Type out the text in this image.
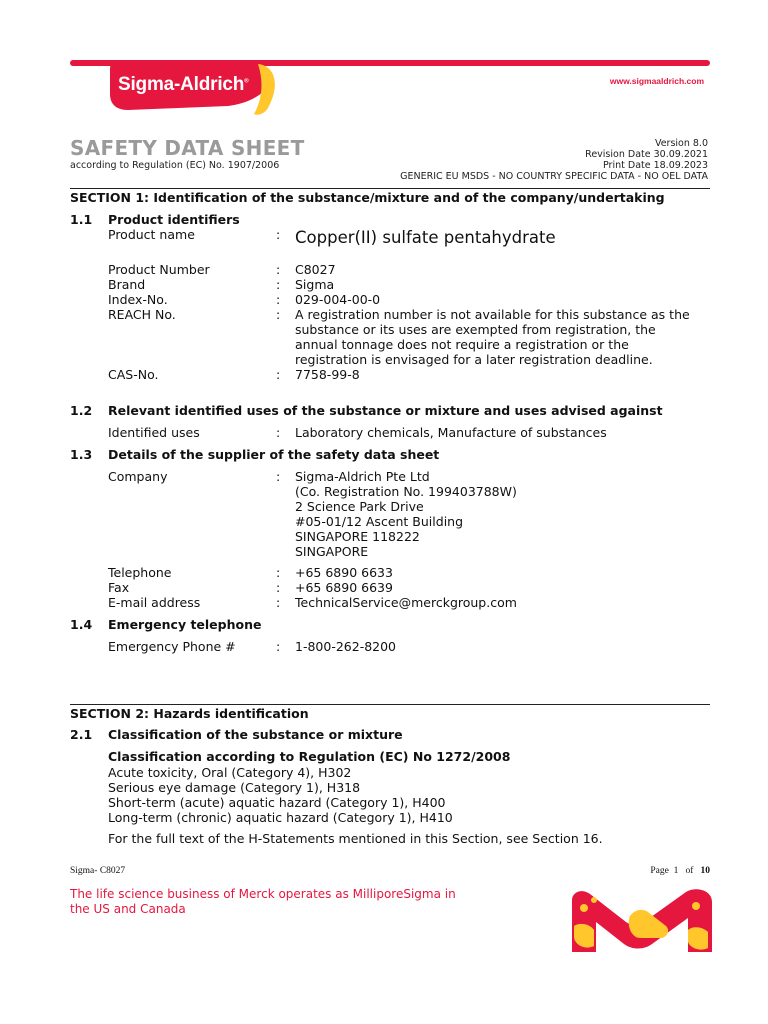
Sigma-Aldrich®	www.sigmaaldrich.com
SAFETY DATA SHEET
according to Regulation (EC) No. 1907/2006
Version 8.0
Revision Date 30.09.2021
Print Date 18.09.2023
GENERIC EU MSDS - NO COUNTRY SPECIFIC DATA - NO OEL DATA
SECTION 1: Identification of the substance/mixture and of the company/undertaking
1.1 Product identifiers
Product name	: Copper(II) sulfate pentahydrate
Product Number	: C8027
Brand	: Sigma
Index-No.	: 029-004-00-0
REACH No.	: A registration number is not available for this substance as the
substance or its uses are exempted from registration, the
annual tonnage does not require a registration or the
registration is envisaged for a later registration deadline.
CAS-No.	: 7758-99-8
1.2 Relevant identified uses of the substance or mixture and uses advised against
Identified uses	: Laboratory chemicals, Manufacture of substances
1.3 Details of the supplier of the safety data sheet
Company	: Sigma-Aldrich Pte Ltd
(Co. Registration No. 199403788W)
2 Science Park Drive
#05-01/12 Ascent Building
SINGAPORE 118222
SINGAPORE
Telephone	: +65 6890 6633
Fax	: +65 6890 6639
E-mail address	: TechnicalService@merckgroup.com
1.4 Emergency telephone
Emergency Phone #	: 1-800-262-8200
SECTION 2: Hazards identification
2.1 Classification of the substance or mixture
Classification according to Regulation (EC) No 1272/2008
Acute toxicity, Oral (Category 4), H302
Serious eye damage (Category 1), H318
Short-term (acute) aquatic hazard (Category 1), H400
Long-term (chronic) aquatic hazard (Category 1), H410
For the full text of the H-Statements mentioned in this Section, see Section 16.
Sigma- C8027	Page 1 of 10
The life science business of Merck operates as MilliporeSigma in the US and Canada
